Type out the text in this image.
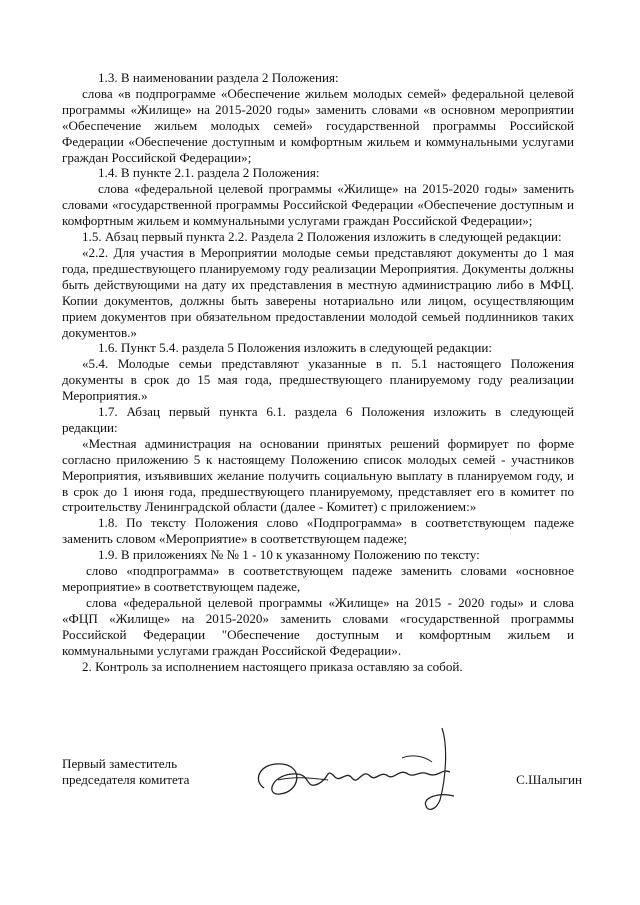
1.3. В наименовании раздела 2 Положения:

слова «в подпрограмме «Обеспечение жильем молодых семей» федеральной целевой программы «Жилище» на 2015-2020 годы» заменить словами «в основном мероприятии «Обеспечение жильем молодых семей» государственной программы Российской Федерации «Обеспечение доступным и комфортным жильем и коммунальными услугами граждан Российской Федерации»;

1.4. В пункте 2.1. раздела 2 Положения:

слова «федеральной целевой программы «Жилище» на 2015-2020 годы» заменить словами «государственной программы Российской Федерации «Обеспечение доступным и комфортным жильем и коммунальными услугами граждан Российской Федерации»;

1.5. Абзац первый пункта 2.2. Раздела 2 Положения изложить в следующей редакции:

«2.2. Для участия в Мероприятии молодые семьи представляют документы до 1 мая года, предшествующего планируемому году реализации Мероприятия. Документы должны быть действующими на дату их представления в местную администрацию либо в МФЦ. Копии документов, должны быть заверены нотариально или лицом, осуществляющим прием документов при обязательном предоставлении молодой семьей подлинников таких документов.»

1.6. Пункт 5.4. раздела 5 Положения изложить в следующей редакции:

«5.4. Молодые семьи представляют указанные в п. 5.1 настоящего Положения документы в срок до 15 мая года, предшествующего планируемому году реализации Мероприятия.»

1.7. Абзац первый пункта 6.1. раздела 6 Положения изложить в следующей редакции:

«Местная администрация на основании принятых решений формирует по форме согласно приложению 5 к настоящему Положению список молодых семей - участников Мероприятия, изъявивших желание получить социальную выплату в планируемом году, и в срок до 1 июня года, предшествующего планируемому, представляет его в комитет по строительству Ленинградской области (далее - Комитет) с приложением:»

1.8. По тексту Положения слово «Подпрограмма» в соответствующем падеже заменить словом «Мероприятие» в соответствующем падеже;

1.9. В приложениях № № 1 - 10 к указанному Положению по тексту:

слово «подпрограмма» в соответствующем падеже заменить словами «основное мероприятие» в соответствующем падеже,

слова «федеральной целевой программы «Жилище» на 2015 - 2020 годы» и слова «ФЦП «Жилище» на 2015-2020» заменить словами «государственной программы Российской Федерации "Обеспечение доступным и комфортным жильем и коммунальными услугами граждан Российской Федерации».

2. Контроль за исполнением настоящего приказа оставляю за собой.

Первый заместитель
председателя комитета	С.Шалыгин
